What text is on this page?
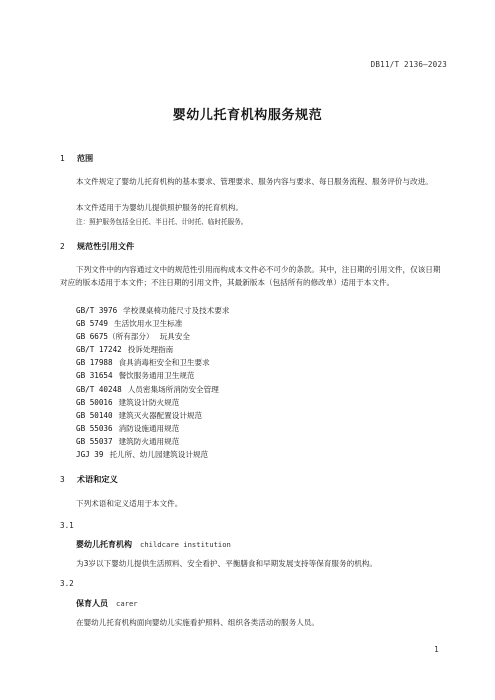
DB11/T 2136—2023
婴幼儿托育机构服务规范
1 范围

本文件规定了婴幼儿托育机构的基本要求、管理要求、服务内容与要求、每日服务流程、服务评价与改进。

本文件适用于为婴幼儿提供照护服务的托育机构。

注：照护服务包括全日托、半日托、计时托、临时托服务。
2 规范性引用文件

下列文件中的内容通过文中的规范性引用而构成本文件必不可少的条款。其中，注日期的引用文件，仅该日期对应的版本适用于本文件；不注日期的引用文件，其最新版本（包括所有的修改单）适用于本文件。

GB/T 3976 学校课桌椅功能尺寸及技术要求
GB 5749 生活饮用水卫生标准
GB 6675（所有部分） 玩具安全
GB/T 17242 投诉处理指南
GB 17988 食具消毒柜安全和卫生要求
GB 31654 餐饮服务通用卫生规范
GB/T 40248 人员密集场所消防安全管理
GB 50016 建筑设计防火规范
GB 50140 建筑灭火器配置设计规范
GB 55036 消防设施通用规范
GB 55037 建筑防火通用规范
JGJ 39 托儿所、幼儿园建筑设计规范
3 术语和定义

下列术语和定义适用于本文件。

3.1
婴幼儿托育机构 childcare institution
为3岁以下婴幼儿提供生活照料、安全看护、平衡膳食和早期发展支持等保育服务的机构。
3.2
保育人员 carer
在婴幼儿托育机构面向婴幼儿实施看护照料、组织各类活动的服务人员。
1
